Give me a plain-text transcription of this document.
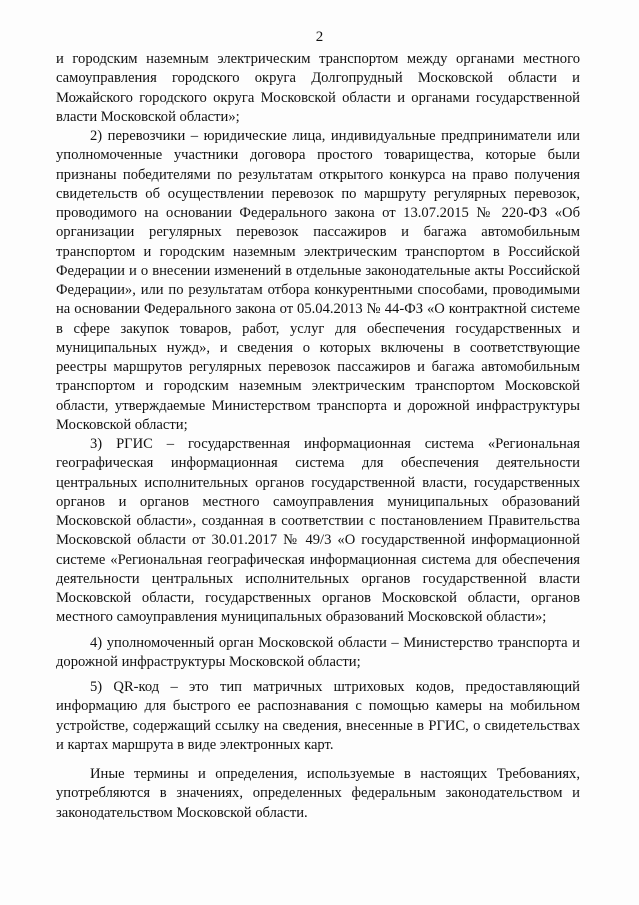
2

и городским наземным электрическим транспортом между органами местного самоуправления городского округа Долгопрудный Московской области и Можайского городского округа Московской области и органами государственной власти Московской области»;

2) перевозчики – юридические лица, индивидуальные предприниматели или уполномоченные участники договора простого товарищества, которые были признаны победителями по результатам открытого конкурса на право получения свидетельств об осуществлении перевозок по маршруту регулярных перевозок, проводимого на основании Федерального закона от 13.07.2015 № 220-ФЗ «Об организации регулярных перевозок пассажиров и багажа автомобильным транспортом и городским наземным электрическим транспортом в Российской Федерации и о внесении изменений в отдельные законодательные акты Российской Федерации», или по результатам отбора конкурентными способами, проводимыми на основании Федерального закона от 05.04.2013 № 44-ФЗ «О контрактной системе в сфере закупок товаров, работ, услуг для обеспечения государственных и муниципальных нужд», и сведения о которых включены в соответствующие реестры маршрутов регулярных перевозок пассажиров и багажа автомобильным транспортом и городским наземным электрическим транспортом Московской области, утверждаемые Министерством транспорта и дорожной инфраструктуры Московской области;

3) РГИС – государственная информационная система «Региональная географическая информационная система для обеспечения деятельности центральных исполнительных органов государственной власти, государственных органов и органов местного самоуправления муниципальных образований Московской области», созданная в соответствии с постановлением Правительства Московской области от 30.01.2017 № 49/3 «О государственной информационной системе «Региональная географическая информационная система для обеспечения деятельности центральных исполнительных органов государственной власти Московской области, государственных органов Московской области, органов местного самоуправления муниципальных образований Московской области»;

4) уполномоченный орган Московской области – Министерство транспорта и дорожной инфраструктуры Московской области;

5) QR-код – это тип матричных штриховых кодов, предоставляющий информацию для быстрого ее распознавания с помощью камеры на мобильном устройстве, содержащий ссылку на сведения, внесенные в РГИС, о свидетельствах и картах маршрута в виде электронных карт.

Иные термины и определения, используемые в настоящих Требованиях, употребляются в значениях, определенных федеральным законодательством и законодательством Московской области.
